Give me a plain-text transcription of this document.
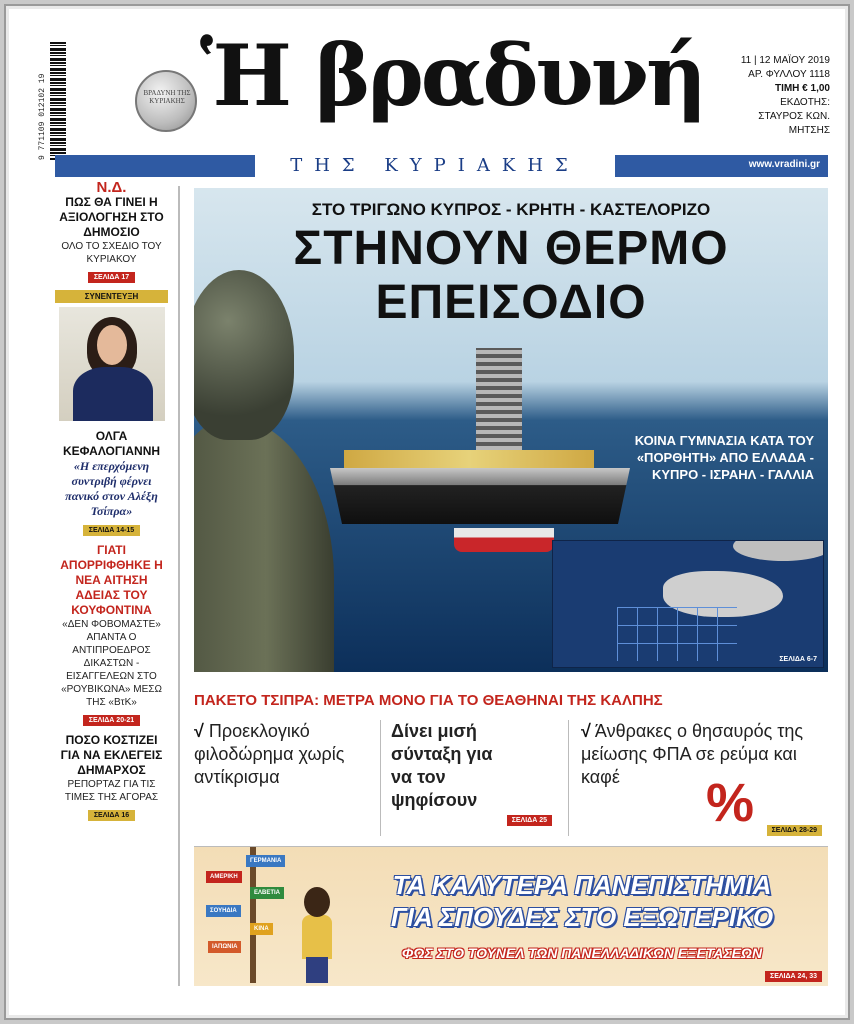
9 771109 012102 19	ΒΡΑΔΥΝΗ ΤΗΣ ΚΥΡΙΑΚΗΣ Ἡ βραδυνή	11 | 12 ΜΑΪΟΥ 2019
ΑΡ. ΦΥΛΛΟΥ 1118
ΤΙΜΗ € 1,00
ΕΚΔΟΤΗΣ:
ΣΤΑΥΡΟΣ ΚΩΝ. ΜΗΤΣΗΣ
ΤΗΣ ΚΥΡΙΑΚΗΣ	www.vradini.gr
Ν.Δ.
ΠΩΣ ΘΑ ΓΙΝΕΙ Η ΑΞΙΟΛΟΓΗΣΗ ΣΤΟ ΔΗΜΟΣΙΟ
ΟΛΟ ΤΟ ΣΧΕΔΙΟ ΤΟΥ ΚΥΡΙΑΚΟΥ
ΣΕΛΙΔΑ 17
ΣΥΝΕΝΤΕΥΞΗ
ΟΛΓΑ ΚΕΦΑΛΟΓΙΑΝΝΗ
«Η επερχόμενη συντριβή φέρνει πανικό στον Αλέξη Τσίπρα»
ΣΕΛΙΔΑ 14-15
ΓΙΑΤΙ ΑΠΟΡΡΙΦΘΗΚΕ Η ΝΕΑ ΑΙΤΗΣΗ ΑΔΕΙΑΣ ΤΟΥ ΚΟΥΦΟΝΤΙΝΑ
«ΔΕΝ ΦΟΒΟΜΑΣΤΕ» ΑΠΑΝΤΑ Ο ΑΝΤΙΠΡΟΕΔΡΟΣ ΔΙΚΑΣΤΩΝ - ΕΙΣΑΓΓΕΛΕΩΝ ΣΤΟ «ΡΟΥΒΙΚΩΝΑ» ΜΕΣΩ ΤΗΣ «ΒτΚ»
ΣΕΛΙΔΑ 20-21
ΠΟΣΟ ΚΟΣΤΙΖΕΙ ΓΙΑ ΝΑ ΕΚΛΕΓΕΙΣ ΔΗΜΑΡΧΟΣ
ΡΕΠΟΡΤΑΖ ΓΙΑ ΤΙΣ ΤΙΜΕΣ ΤΗΣ ΑΓΟΡΑΣ
ΣΕΛΙΔΑ 16
ΣΤΟ ΤΡΙΓΩΝΟ ΚΥΠΡΟΣ - ΚΡΗΤΗ - ΚΑΣΤΕΛΟΡΙΖΟ
ΣΤΗΝΟΥΝ ΘΕΡΜΟ
ΕΠΕΙΣΟΔΙΟ
ΚΟΙΝΑ ΓΥΜΝΑΣΙΑ ΚΑΤΑ ΤΟΥ «ΠΟΡΘΗΤΗ» ΑΠΟ ΕΛΛΑΔΑ - ΚΥΠΡΟ - ΙΣΡΑΗΛ - ΓΑΛΛΙΑ
ΣΕΛΙΔΑ 6-7
ΠΑΚΕΤΟ ΤΣΙΠΡΑ: ΜΕΤΡΑ ΜΟΝΟ ΓΙΑ ΤΟ ΘΕΑΘΗΝΑΙ ΤΗΣ ΚΑΛΠΗΣ
√ Προεκλογικό φιλοδώρημα χωρίς αντίκρισμα
Δίνει μισή σύνταξη για να τον ψηφίσουν
ΣΕΛΙΔΑ 25
√ Άνθρακες ο θησαυρός της μείωσης ΦΠΑ σε ρεύμα και καφέ
ΣΕΛΙΔΑ 28-29
%
ΓΕΡΜΑΝΙΑ
ΑΜΕΡΙΚΗ
ΕΛΒΕΤΙΑ
ΣΟΥΗΔΙΑ
ΚΙΝΑ
ΙΑΠΩΝΙΑ
ΤΑ ΚΑΛΥΤΕΡΑ ΠΑΝΕΠΙΣΤΗΜΙΑ
ΓΙΑ ΣΠΟΥΔΕΣ ΣΤΟ ΕΞΩΤΕΡΙΚΟ
ΦΩΣ ΣΤΟ ΤΟΥΝΕΛ ΤΩΝ ΠΑΝΕΛΛΑΔΙΚΩΝ ΕΞΕΤΑΣΕΩΝ
ΣΕΛΙΔΑ 24, 33
